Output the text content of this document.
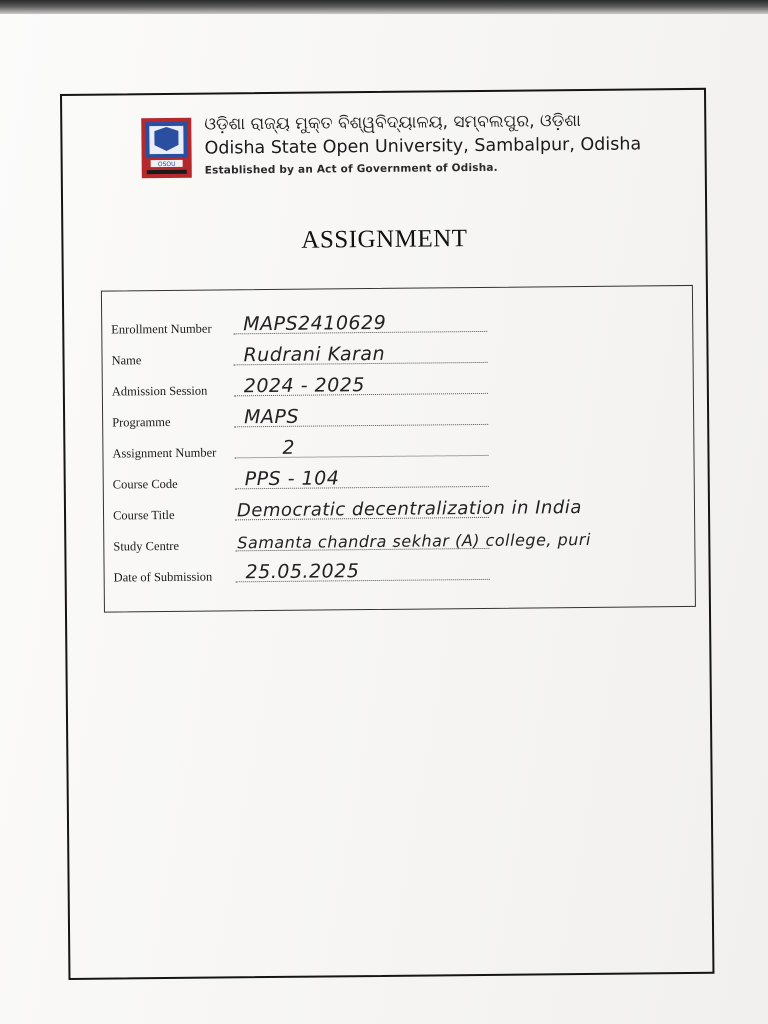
OSOU
ଓଡ଼ିଶା ରାଜ୍ୟ ମୁକ୍ତ ବିଶ୍ୱବିଦ୍ୟାଳୟ, ସମ୍ବଲପୁର, ଓଡ଼ିଶା
Odisha State Open University, Sambalpur, Odisha
Established by an Act of Government of Odisha.
ASSIGNMENT
Enrollment Number MAPS2410629
Name	Rudrani Karan
Admission Session 2024 - 2025
Programme	MAPS
Assignment Number	2
Course Code	PPS - 104
Course Title	Democratic decentralization in India
Study Centre	Samanta chandra sekhar (A) college, puri
Date of Submission 25.05.2025
